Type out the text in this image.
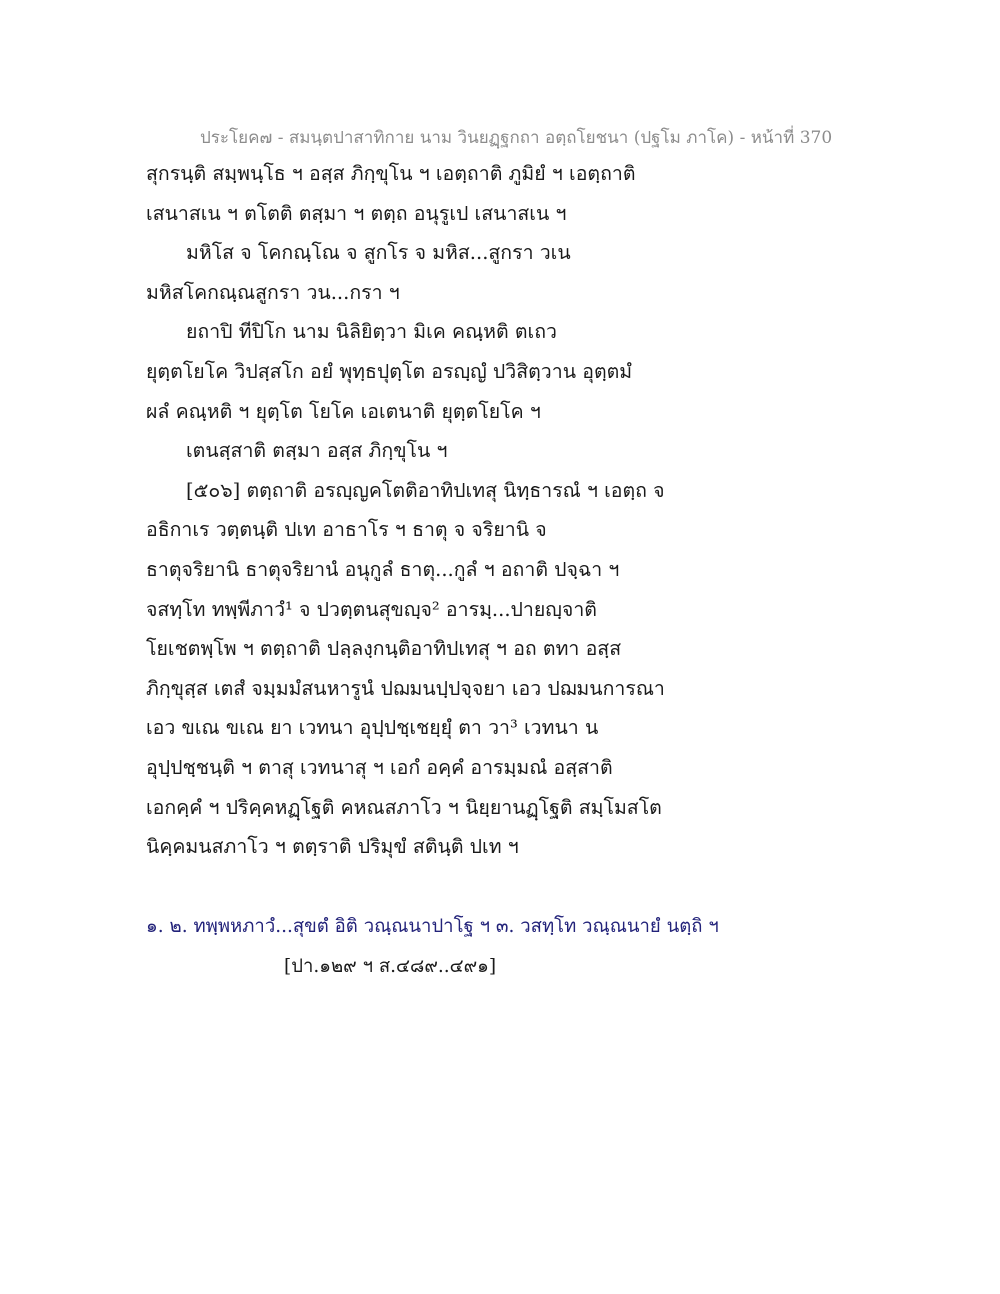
ประโยค๗ - สมนฺตปาสาทิกาย นาม วินยฏฺฐกถา อตฺถโยชนา (ปฐโม ภาโค) - หน้าที่ 370
สุกรนฺติ สมฺพนฺโธ ฯ อสฺส ภิกฺขุโน ฯ เอตฺถาติ ภูมิยํ ฯ เอตฺถาติ
เสนาสเน ฯ ตโตติ ตสฺมา ฯ ตตฺถ อนุรูเป เสนาสเน ฯ
มหิโส จ โคกณฺโณ จ สูกโร จ มหิส...สูกรา วเน
มหิสโคกณฺณสูกรา วน...กรา ฯ
ยถาปิ ทีปิโก นาม นิลิยิตฺวา มิเค คณฺหติ ตเถว
ยุตฺตโยโค วิปสฺสโก อยํ พุทฺธปุตฺโต อรญฺญํ ปวิสิตฺวาน อุตฺตมํ
ผลํ คณฺหติ ฯ ยุตฺโต โยโค เอเตนาติ ยุตฺตโยโค ฯ
เตนสฺสาติ ตสฺมา อสฺส ภิกฺขุโน ฯ
[๕๐๖] ตตฺถาติ อรญฺญคโตติอาทิปเทสุ นิทฺธารณํ ฯ เอตฺถ จ
อธิกาเร วตฺตนฺติ ปเท อาธาโร ฯ ธาตุ จ จริยานิ จ
ธาตุจริยานิ ธาตุจริยานํ อนุกูลํ ธาตุ...กูลํ ฯ อถาติ ปจฺฉา ฯ
จสทฺโท ทพฺพีภาวํ¹ จ ปวตฺตนสุขญฺจ² อารมฺ...ปายญฺจาติ
โยเชตพฺโพ ฯ ตตฺถาติ ปลฺลงฺกนฺติอาทิปเทสุ ฯ อถ ตทา อสฺส
ภิกฺขุสฺส เตสํ จมฺมมํสนหารูนํ ปฌมนปฺปจฺจยา เอว ปฌมนการณา
เอว ขเณ ขเณ ยา เวทนา อุปฺปชฺเชยฺยุํ ตา วา³ เวทนา น
อุปฺปชฺชนฺติ ฯ ตาสุ เวทนาสุ ฯ เอกํ อคฺคํ อารมฺมณํ อสฺสาติ
เอกคฺคํ ฯ ปริคฺคหฏฺโฐติ คหณสภาโว ฯ นิยฺยานฏฺโฐติ สมฺโมสโต
นิคฺคมนสภาโว ฯ ตตฺราติ ปริมุขํ สตินฺติ ปเท ฯ
๑. ๒. ทพฺพหภาวํ...สุขตํ อิติ วณฺณนาปาโฐ ฯ ๓. วสทฺโท วณฺณนายํ นตฺถิ ฯ
[ปา.๑๒๙ ฯ ส.๔๘๙..๔๙๑]
